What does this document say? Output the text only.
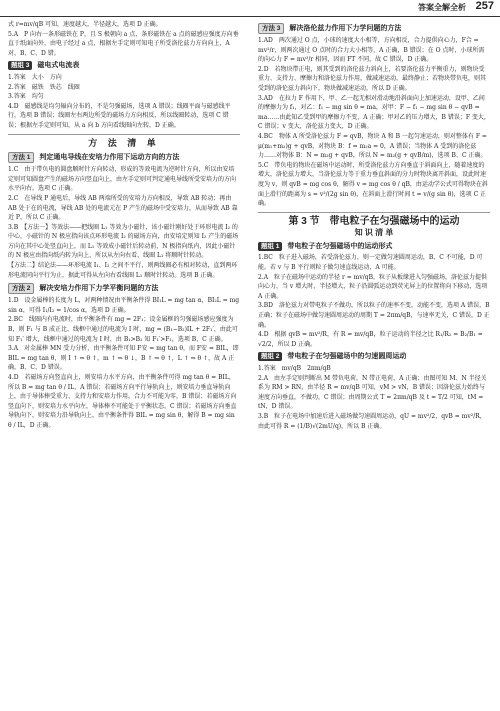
答案全解全析 257

式 r=mv/qB 可知，速度越大，半径越大，选项 D 正确。

5.A　P 向右一条形磁铁在 P，且 S 极朝向 a 点，条形磁铁在 a 点的磁感应强度方向垂直于纸面向外，由电子经过 a 点，根据左手定则可知电子所受洛伦兹力方向向上，A 对，B、C、D 错。

题组 3 磁电式电流表

1.答案　大小　方向

2.答案　磁铁　铁芯　线圈

3.答案　均匀

4.D　磁感线是均匀辐向分布的，不是匀强磁场，选项 A 错误；线圈平面与磁感线平行，选项 B 错误；线圈左右两边所受的磁场力方向相反，所以线圈转动，选项 C 错误；根据左手定则可知，从 a 向 b 方向看线圈向左转，D 正确。

方 法 清 单
方法 1 判定通电导线在安培力作用下运动方向的方法

1.C　由于带负电的圆盘顺时针方向转动，形成的等效电流为逆时针方向，所以由安培定则可知圆盘产生的磁场方向竖直向上，由左手定则可判定通电导线所受安培力的方向水平向右。选项 C 正确。

2.C　在导线 P 通电后，导线 AB 两端所受的安培力方向相反，导致 AB 转动；再由 AB 处于在的电流，导线 AB 处的电流元在 P 产生的磁场中受安培力，从而导致 AB 靠近 P，所以 C 正确。

3.B　【方法一】等效法——把线圈 L₁ 等效为小磁针，该小磁针刚好处于环形电流 I₂ 的中心，小磁针的 N 极应指向该点环形电流 I₂ 的磁场方向，由安培定则知 I₂ 产生的磁场方向在其中心处竖直向上，而 L₁ 等效成小磁针后转动前，N 极指向纸内，因此小磁针的 N 极应由指向纸内转为向上，所以从左向右看，线圈 L₁ 将顺时针转动。

【方法二】结论法——环形电流 I₁、I₂ 之间不平行，则两线圈必有相对转动，直到两环形电流同向平行为止，据此可得从左向右看线圈 L₁ 顺时针转动。选项 B 正确。

方法 2 解决安培力作用下力学平衡问题的方法

1.D　设金属棒的长度为 L，对两种情况由平衡条件得 BI₁L = mg tan α，BI₂L = mg sin α，可得 I₁/I₂ = 1/cos α，选项 D 正确。

2.BC　线圈内有电流时，由平衡条件有 mg = 2F₁；设金属框的匀强磁场感应强度为 B，则 F₁ 与 B 成正比，线框中通过的电流为 I 时，mg = (B₁−B₂)IL + 2F₁′，由此可知 F₁′ 增大，线框中通过的电流为 I 时，由 B₁>B₂ 知 F₁′>F₁，选项 B、C 正确。

3.A　对金属棒 MN 受力分析，由平衡条件可知 F安 = mg tan θ，而 F安 = BIL，即 BIL = mg tan θ，则 I ↑ ⇒ θ ↑，m ↑ ⇒ θ ↓，B ↑ ⇒ θ ↑，L ↑ ⇒ θ ↑，故 A 正确，B、C、D 错误。

4.D　若磁场方向竖直向上，则安培力水平方向，由平衡条件可得 mg tan θ = BIL，所以 B = mg tan θ / IL，A 错误；若磁场方向平行导轨向上，则安培力垂直导轨向上，由于导体棒受重力、支持力和安培力作用，合力不可能为零，B 错误；若磁场方向竖直向下，则安培力水平向左，导体棒不可能处于平衡状态，C 错误；若磁场方向垂直导轨向下，则安培力沿导轨向上，由平衡条件得 BIL = mg sin θ，解得 B = mg sin θ / IL，D 正确。

方法 3 解决洛伦兹力作用下力学问题的方法

1.AD　两次通过 O 点，小球的速度大小相等，方向相反，合力提供向心力，F合 = mv²/r，则两次通过 O 点时的合力大小相等，A 正确，B 错误；在 O 点时，小球所需的向心力 F = mv²/r 相同，因而 FT 不同，故 C 错误，D 正确。

2.D　若物块带正电，则其受到的洛伦兹力斜向上，若要洛伦兹力平衡重力，则物块受重力、支持力、摩擦力和洛伦兹力作用，做减速运动，最终静止；若物块带负电，则其受到的洛伦兹力斜向下，物块做减速运动，所以 D 正确。

3.AD　在拉力 F 作用下，甲、乙一起无相对滑动地沿斜面向上加速运动，设甲、乙间的摩擦力为 f₁，对乙：f₁ − mg sin θ = ma，对甲：F − f₁ − mg sin θ − qvB = ma……由此知乙受到甲的摩擦力不变，A 正确；甲对乙的压力增大，B 错误；F 变大，C 错误；v 变大，洛伦兹力变大，D 正确。

4.BC　物体 A 所受洛伦兹力 F = qvB，物块 A 和 B 一起匀速运动，则对整体有 F = μ(m₁+m₂)g + qvB，对物块 B：f = m₂a = 0，A 错误；当物体 A 受到的洛伦兹力……对物体 B：N = m₂g + qvB，所以 N = m₂(g + qvB/m)，选项 B、C 正确。

5.C　带负电的物块在磁场中运动时，所受洛伦兹力方向垂直于斜面向上，随着速度的增大，洛伦兹力增大，当洛伦兹力等于重力垂直斜面的分力时物块离开斜面，设此时速度为 v，则 qvB = mg cos θ，解得 v = mg cos θ / qB，由运动学公式可得物块在斜面上滑行的距离为 s = v²/(2g sin θ)，在斜面上滑行时间 t = v/(g sin θ)，选项 C 正确。

第 3 节　带电粒子在匀强磁场中的运动
知 识 清 单
题组 1 带电粒子在匀强磁场中的运动形式

1.BC　粒子进入磁场，若受洛伦兹力，则一定做匀速圆周运动，B、C 不可能，D 可能。若 v 与 B 平行则粒子做匀速直线运动，A 可能。

2.A　粒子在磁场中运动的半径 r = mv/qB，粒子从板缘进入匀强磁场，洛伦兹力提供向心力，当 v 增大时，半径增大，粒子沿圆弧运动到荧光屏上的位置将向下移动，选项 A 正确。

3.BD　洛伦兹力对带电粒子不做功，所以粒子的速率不变，动能不变，选项 A 错误，B 正确；粒子在磁场中做匀速圆周运动的周期 T = 2πm/qB，与速率无关，C 错误，D 正确。

4.D　根据 qvB = mv²/R，有 R = mv/qB，粒子运动的半径之比 R₁/R₂ = B₂/B₁ = √2/2，所以 D 正确。

题组 2 带电粒子在匀强磁场中的匀速圆周运动

1.答案　mv/qB　2πm/qB

2.A　由左手定则判断出 M 带负电荷，N 带正电荷，A 正确；由图可知 M、N 半径关系为 RM > RN，由半径 R = mv/qB 可知，vM > vN，B 错误；因洛伦兹力始终与速度方向垂直，不做功，C 错误；由周期公式 T = 2πm/qB 及 t = T/2 可知，tM = tN，D 错误。

3.B　粒子在电场中加速后进入磁场做匀速圆周运动，qU = mv²/2，qvB = mv²/R，由此可得 R = (1/B)√(2mU/q)，所以 B 正确。
